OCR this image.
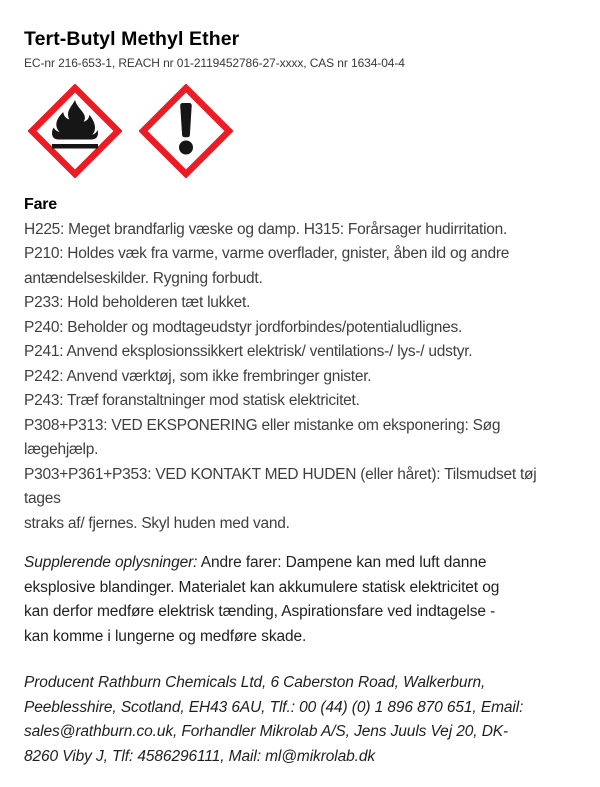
Tert-Butyl Methyl Ether
EC-nr 216-653-1, REACH nr 01-2119452786-27-xxxx, CAS nr 1634-04-4
Fare
H225: Meget brandfarlig væske og damp. H315: Forårsager hudirritation.
P210: Holdes væk fra varme, varme overflader, gnister, åben ild og andre
antændelseskilder. Rygning forbudt.
P233: Hold beholderen tæt lukket.
P240: Beholder og modtageudstyr jordforbindes/potentialudlignes.
P241: Anvend eksplosionssikkert elektrisk/ ventilations-/ lys-/ udstyr.
P242: Anvend værktøj, som ikke frembringer gnister.
P243: Træf foranstaltninger mod statisk elektricitet.
P308+P313: VED EKSPONERING eller mistanke om eksponering: Søg
lægehjælp.
P303+P361+P353: VED KONTAKT MED HUDEN (eller håret): Tilsmudset tøj
tages
straks af/ fjernes. Skyl huden med vand.

Supplerende oplysninger: Andre farer: Dampene kan med luft danne
eksplosive blandinger. Materialet kan akkumulere statisk elektricitet og
kan derfor medføre elektrisk tænding, Aspirationsfare ved indtagelse -
kan komme i lungerne og medføre skade.

Producent Rathburn Chemicals Ltd, 6 Caberston Road, Walkerburn,
Peeblesshire, Scotland, EH43 6AU, Tlf.: 00 (44) (0) 1 896 870 651, Email:
sales@rathburn.co.uk, Forhandler Mikrolab A/S, Jens Juuls Vej 20, DK-
8260 Viby J, Tlf: 4586296111, Mail: ml@mikrolab.dk
